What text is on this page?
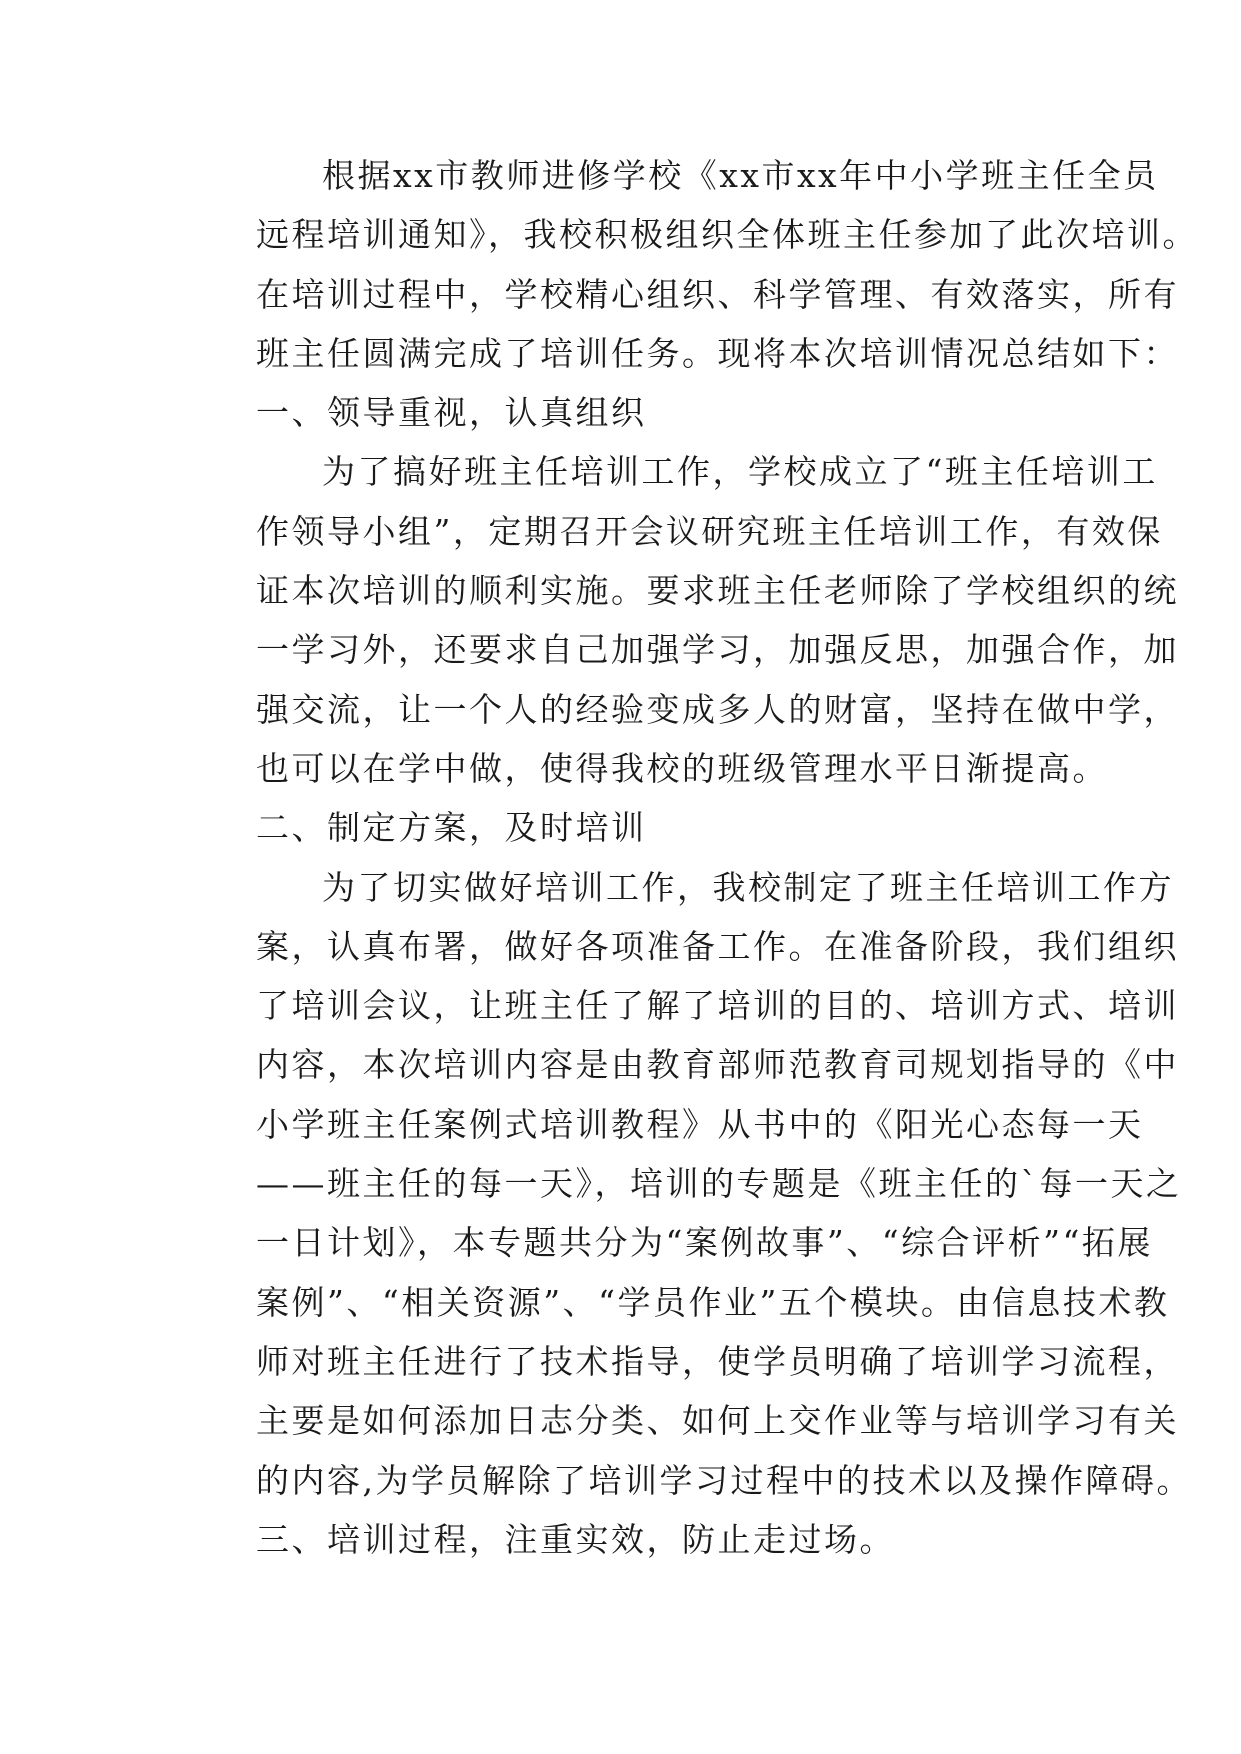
根据xx市教师进修学校《xx市xx年中小学班主任全员
远程培训通知》，我校积极组织全体班主任参加了此次培训。
在培训过程中，学校精心组织、科学管理、有效落实，所有
班主任圆满完成了培训任务。现将本次培训情况总结如下：
一、领导重视，认真组织
为了搞好班主任培训工作，学校成立了“班主任培训工
作领导小组”，定期召开会议研究班主任培训工作，有效保
证本次培训的顺利实施。要求班主任老师除了学校组织的统
一学习外，还要求自己加强学习，加强反思，加强合作，加
强交流，让一个人的经验变成多人的财富，坚持在做中学，
也可以在学中做，使得我校的班级管理水平日渐提高。
二、制定方案，及时培训
为了切实做好培训工作，我校制定了班主任培训工作方
案，认真布署，做好各项准备工作。在准备阶段，我们组织
了培训会议，让班主任了解了培训的目的、培训方式、培训
内容，本次培训内容是由教育部师范教育司规划指导的《中
小学班主任案例式培训教程》从书中的《阳光心态每一天
——班主任的每一天》，培训的专题是《班主任的`每一天之
一日计划》，本专题共分为“案例故事”、“综合评析”“拓展
案例”、“相关资源”、“学员作业”五个模块。由信息技术教
师对班主任进行了技术指导，使学员明确了培训学习流程，
主要是如何添加日志分类、如何上交作业等与培训学习有关
的内容,为学员解除了培训学习过程中的技术以及操作障碍。
三、培训过程，注重实效，防止走过场。
